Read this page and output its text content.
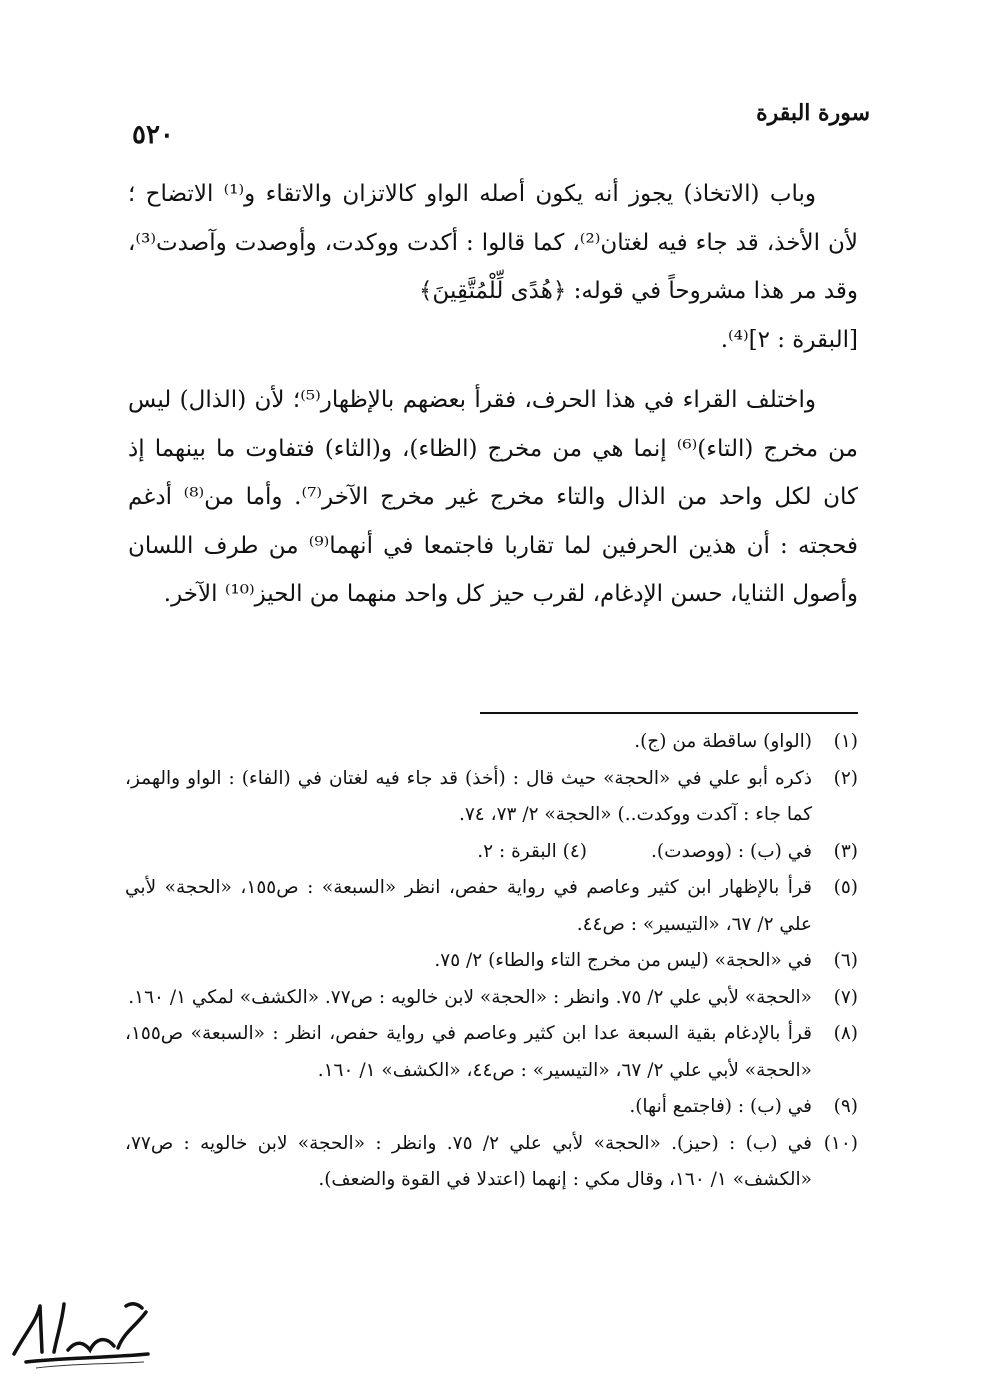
٥٢٠
سورة البقرة

وباب (الاتخاذ) يجوز أنه يكون أصله الواو كالاتزان والاتقاء و⁽¹⁾ الاتضاح ؛ لأن الأخذ، قد جاء فيه لغتان⁽²⁾، كما قالوا : أكدت ووكدت، وأوصدت وآصدت⁽³⁾، وقد مر هذا مشروحاً في قوله: ﴿هُدًى لِّلْمُتَّقِينَ﴾

[البقرة : ٢]⁽⁴⁾.

واختلف القراء في هذا الحرف، فقرأ بعضهم بالإظهار⁽⁵⁾؛ لأن (الذال) ليس من مخرج (التاء)⁽⁶⁾ إنما هي من مخرج (الظاء)، و(الثاء) فتفاوت ما بينهما إذ كان لكل واحد من الذال والتاء مخرج غير مخرج الآخر⁽⁷⁾. وأما من⁽⁸⁾ أدغم فحجته : أن هذين الحرفين لما تقاربا فاجتمعا في أنهما⁽⁹⁾ من طرف اللسان وأصول الثنايا، حسن الإدغام، لقرب حيز كل واحد منهما من الحيز⁽¹⁰⁾ الآخر.

(١)
(الواو) ساقطة من (ج).
(٢)
ذكره أبو علي في «الحجة» حيث قال : (أخذ) قد جاء فيه لغتان في (الفاء) : الواو والهمز، كما جاء : آكدت ووكدت..) «الحجة» ٢/ ٧٣، ٧٤.
(٣)
في (ب) : (ووصدت).
(٤) البقرة : ٢.
(٥)
قرأ بالإظهار ابن كثير وعاصم في رواية حفص، انظر «السبعة» : ص١٥٥، «الحجة» لأبي علي ٢/ ٦٧، «التيسير» : ص٤٤.
(٦)
في «الحجة» (ليس من مخرج التاء والطاء) ٢/ ٧٥.
(٧)
«الحجة» لأبي علي ٢/ ٧٥. وانظر : «الحجة» لابن خالويه : ص٧٧. «الكشف» لمكي ١/ ١٦٠.
(٨)
قرأ بالإدغام بقية السبعة عدا ابن كثير وعاصم في رواية حفص، انظر : «السبعة» ص١٥٥، «الحجة» لأبي علي ٢/ ٦٧، «التيسير» : ص٤٤، «الكشف» ١/ ١٦٠.
(٩)
في (ب) : (فاجتمع أنها).
(١٠)
في (ب) : (حيز). «الحجة» لأبي علي ٢/ ٧٥. وانظر : «الحجة» لابن خالويه : ص٧٧، «الكشف» ١/ ١٦٠، وقال مكي : إنهما (اعتدلا في القوة والضعف).
